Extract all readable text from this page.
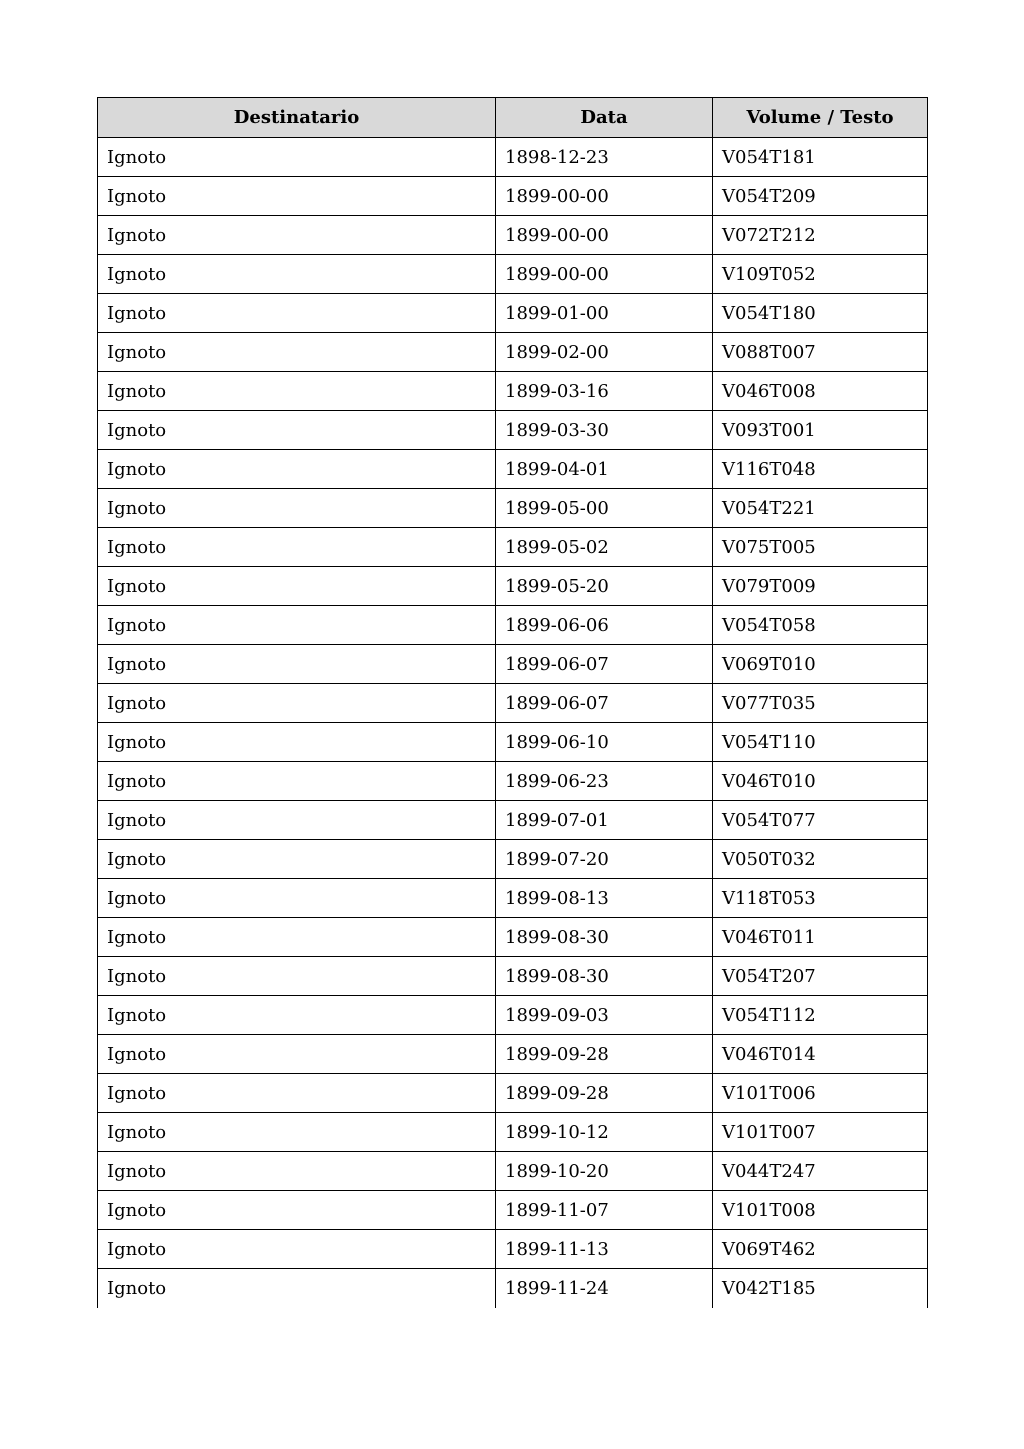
Destinatario	Data	Volume / Testo
Ignoto	1898-12-23	V054T181
Ignoto	1899-00-00	V054T209
Ignoto	1899-00-00	V072T212
Ignoto	1899-00-00	V109T052
Ignoto	1899-01-00	V054T180
Ignoto	1899-02-00	V088T007
Ignoto	1899-03-16	V046T008
Ignoto	1899-03-30	V093T001
Ignoto	1899-04-01	V116T048
Ignoto	1899-05-00	V054T221
Ignoto	1899-05-02	V075T005
Ignoto	1899-05-20	V079T009
Ignoto	1899-06-06	V054T058
Ignoto	1899-06-07	V069T010
Ignoto	1899-06-07	V077T035
Ignoto	1899-06-10	V054T110
Ignoto	1899-06-23	V046T010
Ignoto	1899-07-01	V054T077
Ignoto	1899-07-20	V050T032
Ignoto	1899-08-13	V118T053
Ignoto	1899-08-30	V046T011
Ignoto	1899-08-30	V054T207
Ignoto	1899-09-03	V054T112
Ignoto	1899-09-28	V046T014
Ignoto	1899-09-28	V101T006
Ignoto	1899-10-12	V101T007
Ignoto	1899-10-20	V044T247
Ignoto	1899-11-07	V101T008
Ignoto	1899-11-13	V069T462
Ignoto	1899-11-24	V042T185
